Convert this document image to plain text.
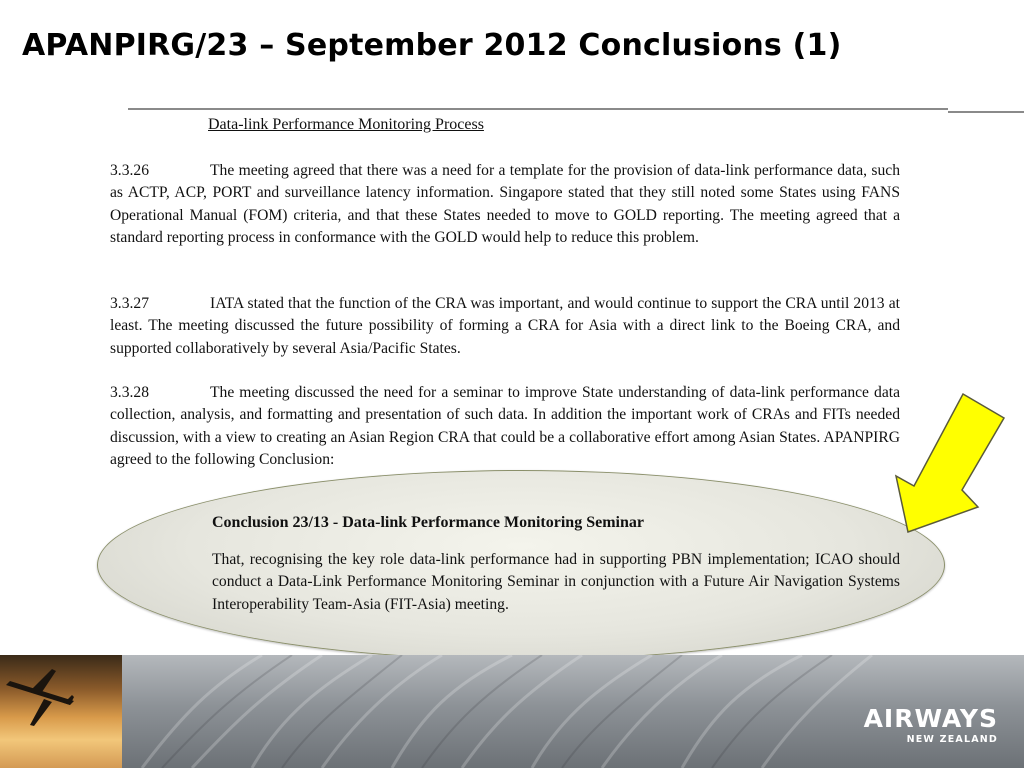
APANPIRG/23 – September 2012 Conclusions (1)
Data-link Performance Monitoring Process
3.3.26	The meeting agreed that there was a need for a template for the provision of data-link performance data, such as ACTP, ACP, PORT and surveillance latency information. Singapore stated that they still noted some States using FANS Operational Manual (FOM) criteria, and that these States needed to move to GOLD reporting. The meeting agreed that a standard reporting process in conformance with the GOLD would help to reduce this problem.
3.3.27	IATA stated that the function of the CRA was important, and would continue to support the CRA until 2013 at least. The meeting discussed the future possibility of forming a CRA for Asia with a direct link to the Boeing CRA, and supported collaboratively by several Asia/Pacific States.
3.3.28	The meeting discussed the need for a seminar to improve State understanding of data-link performance data collection, analysis, and formatting and presentation of such data. In addition the important work of CRAs and FITs needed discussion, with a view to creating an Asian Region CRA that could be a collaborative effort among Asian States. APANPIRG agreed to the following Conclusion:
Conclusion 23/13 - Data-link Performance Monitoring Seminar
That, recognising the key role data-link performance had in supporting PBN implementation; ICAO should conduct a Data-Link Performance Monitoring Seminar in conjunction with a Future Air Navigation Systems Interoperability Team-Asia (FIT-Asia) meeting.
AIRWAYS
NEW ZEALAND
